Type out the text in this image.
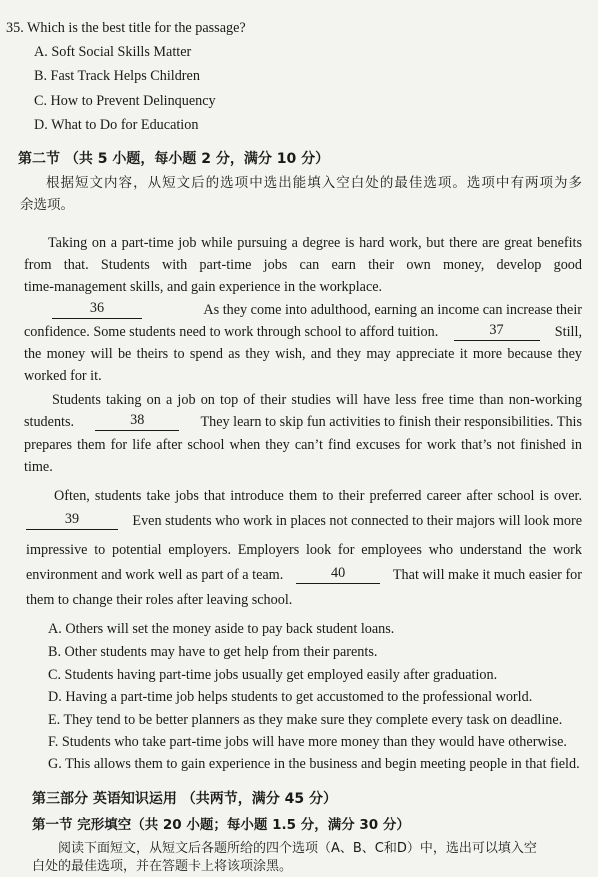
35. Which is the best title for the passage?
A. Soft Social Skills Matter
B. Fast Track Helps Children
C. How to Prevent Delinquency
D. What to Do for Education
第二节 （共 5 小题，每小题 2 分，满分 10 分）
根据短文内容，从短文后的选项中选出能填入空白处的最佳选项。选项中有两项为多
余选项。
Taking on a part-time job while pursuing a degree is hard work, but there are great benefits
from that. Students with part-time jobs can earn their own money, develop good
time-management skills, and gain experience in the workplace.
36	As they come into adulthood, earning an income can increase their
confidence. Some students need to work through school to afford tuition.	37	Still,
the money will be theirs to spend as they wish, and they may appreciate it more because they
worked for it.
Students taking on a job on top of their studies will have less free time than non-working
students.	38	They learn to skip fun activities to finish their responsibilities. This
prepares them for life after school when they can’t find excuses for work that’s not finished in
time.
Often, students take jobs that introduce them to their preferred career after school is over.
39	Even students who work in places not connected to their majors will look more
impressive to potential employers. Employers look for employees who understand the work
environment and work well as part of a team.	40	That will make it much easier for
them to change their roles after leaving school.
A. Others will set the money aside to pay back student loans.
B. Other students may have to get help from their parents.
C. Students having part-time jobs usually get employed easily after graduation.
D. Having a part-time job helps students to get accustomed to the professional world.
E. They tend to be better planners as they make sure they complete every task on deadline.
F. Students who take part-time jobs will have more money than they would have otherwise.
G. This allows them to gain experience in the business and begin meeting people in that field.
第三部分 英语知识运用 （共两节，满分 45 分）
第一节 完形填空（共 20 小题；每小题 1.5 分，满分 30 分）
阅读下面短文，从短文后各题所给的四个选项（A、B、C和D）中，选出可以填入空
白处的最佳选项，并在答题卡上将该项涂黑。
